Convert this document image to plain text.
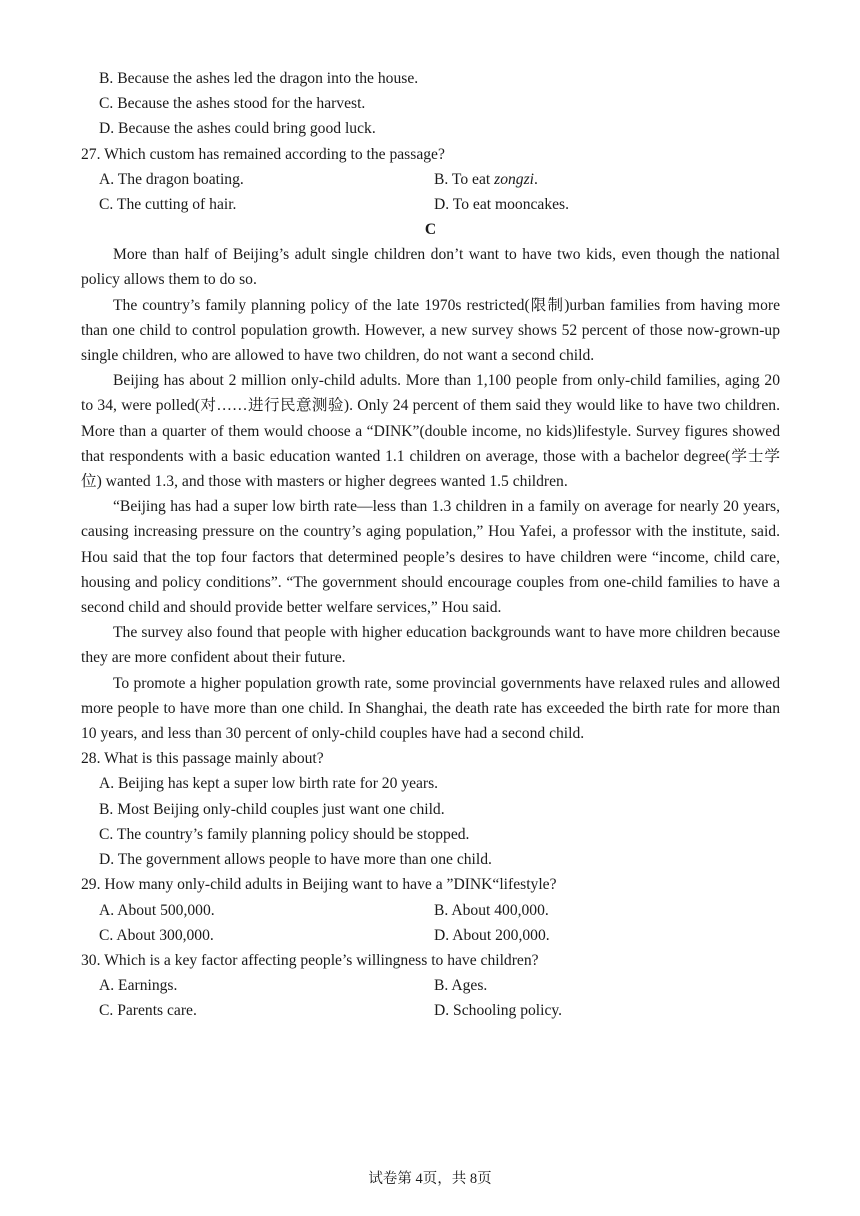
B. Because the ashes led the dragon into the house.
C. Because the ashes stood for the harvest.
D. Because the ashes could bring good luck.
27. Which custom has remained according to the passage?
A. The dragon boating.	B. To eat zongzi.
C. The cutting of hair.	D. To eat mooncakes.
C
More than half of Beijing’s adult single children don’t want to have two kids, even though the national policy allows them to do so.
The country’s family planning policy of the late 1970s restricted(限制)urban families from having more than one child to control population growth. However, a new survey shows 52 percent of those now-grown-up single children, who are allowed to have two children, do not want a second child.
Beijing has about 2 million only-child adults. More than 1,100 people from only-child families, aging 20 to 34, were polled(对……进行民意测验). Only 24 percent of them said they would like to have two children. More than a quarter of them would choose a “DINK”(double income, no kids)lifestyle. Survey figures showed that respondents with a basic education wanted 1.1 children on average, those with a bachelor degree(学士学位) wanted 1.3, and those with masters or higher degrees wanted 1.5 children.
“Beijing has had a super low birth rate—less than 1.3 children in a family on average for nearly 20 years, causing increasing pressure on the country’s aging population,” Hou Yafei, a professor with the institute, said. Hou said that the top four factors that determined people’s desires to have children were “income, child care, housing and policy conditions”. “The government should encourage couples from one-child families to have a second child and should provide better welfare services,” Hou said.
The survey also found that people with higher education backgrounds want to have more children because they are more confident about their future.
To promote a higher population growth rate, some provincial governments have relaxed rules and allowed more people to have more than one child. In Shanghai, the death rate has exceeded the birth rate for more than 10 years, and less than 30 percent of only-child couples have had a second child.
28. What is this passage mainly about?
A. Beijing has kept a super low birth rate for 20 years.
B. Most Beijing only-child couples just want one child.
C. The country’s family planning policy should be stopped.
D. The government allows people to have more than one child.
29. How many only-child adults in Beijing want to have a ”DINK“lifestyle?
A. About 500,000.	B. About 400,000.
C. About 300,000.	D. About 200,000.
30. Which is a key factor affecting people’s willingness to have children?
A. Earnings.	B. Ages.
C. Parents care.	D. Schooling policy.
试卷第 4页，共 8页
